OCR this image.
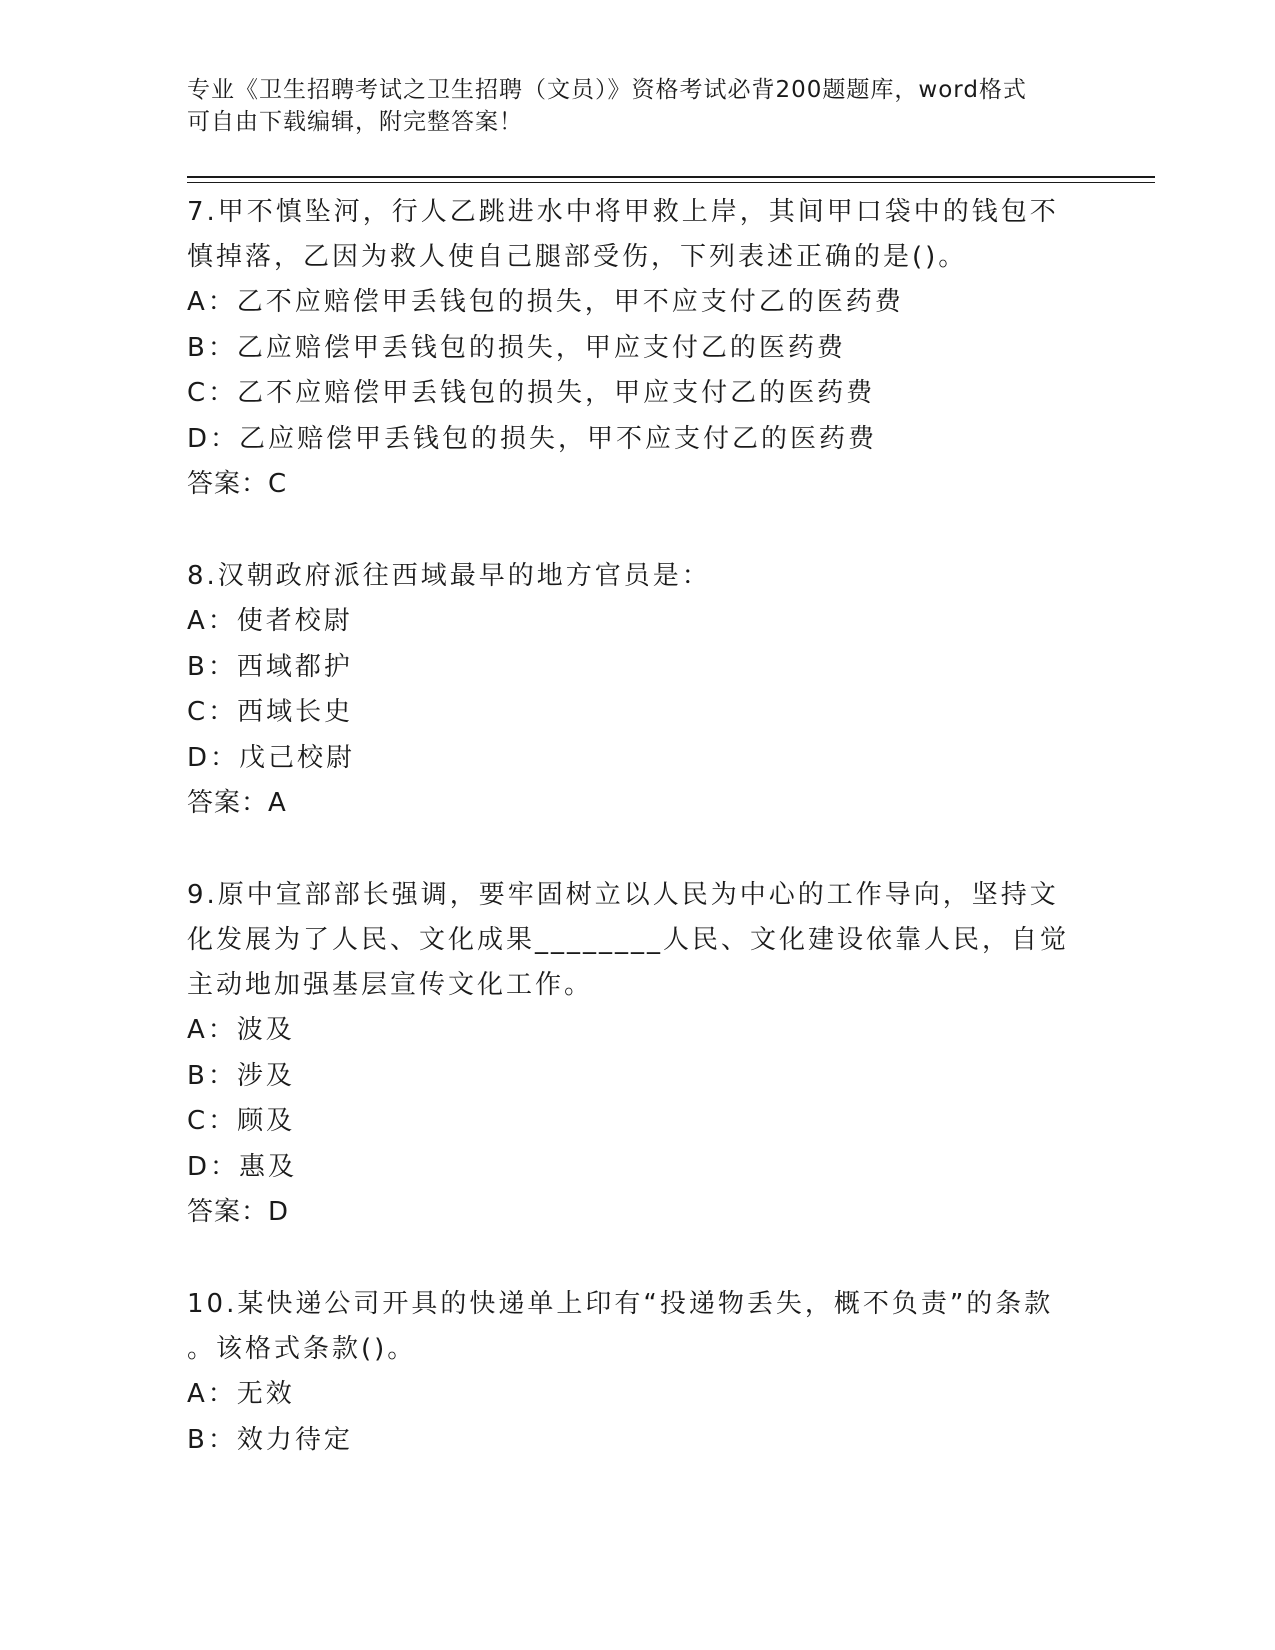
专业《卫生招聘考试之卫生招聘（文员）》资格考试必背200题题库，word格式
可自由下载编辑，附完整答案！
7.甲不慎坠河，行人乙跳进水中将甲救上岸，其间甲口袋中的钱包不
慎掉落，乙因为救人使自己腿部受伤，下列表述正确的是()。
A：乙不应赔偿甲丢钱包的损失，甲不应支付乙的医药费
B：乙应赔偿甲丢钱包的损失，甲应支付乙的医药费
C：乙不应赔偿甲丢钱包的损失，甲应支付乙的医药费
D：乙应赔偿甲丢钱包的损失，甲不应支付乙的医药费
答案：C
8.汉朝政府派往西域最早的地方官员是：
A：使者校尉
B：西域都护
C：西域长史
D：戊己校尉
答案：A
9.原中宣部部长强调，要牢固树立以人民为中心的工作导向，坚持文
化发展为了人民、文化成果________人民、文化建设依靠人民，自觉
主动地加强基层宣传文化工作。
A：波及
B：涉及
C：顾及
D：惠及
答案：D
10.某快递公司开具的快递单上印有“投递物丢失，概不负责”的条款
。该格式条款()。
A：无效
B：效力待定
